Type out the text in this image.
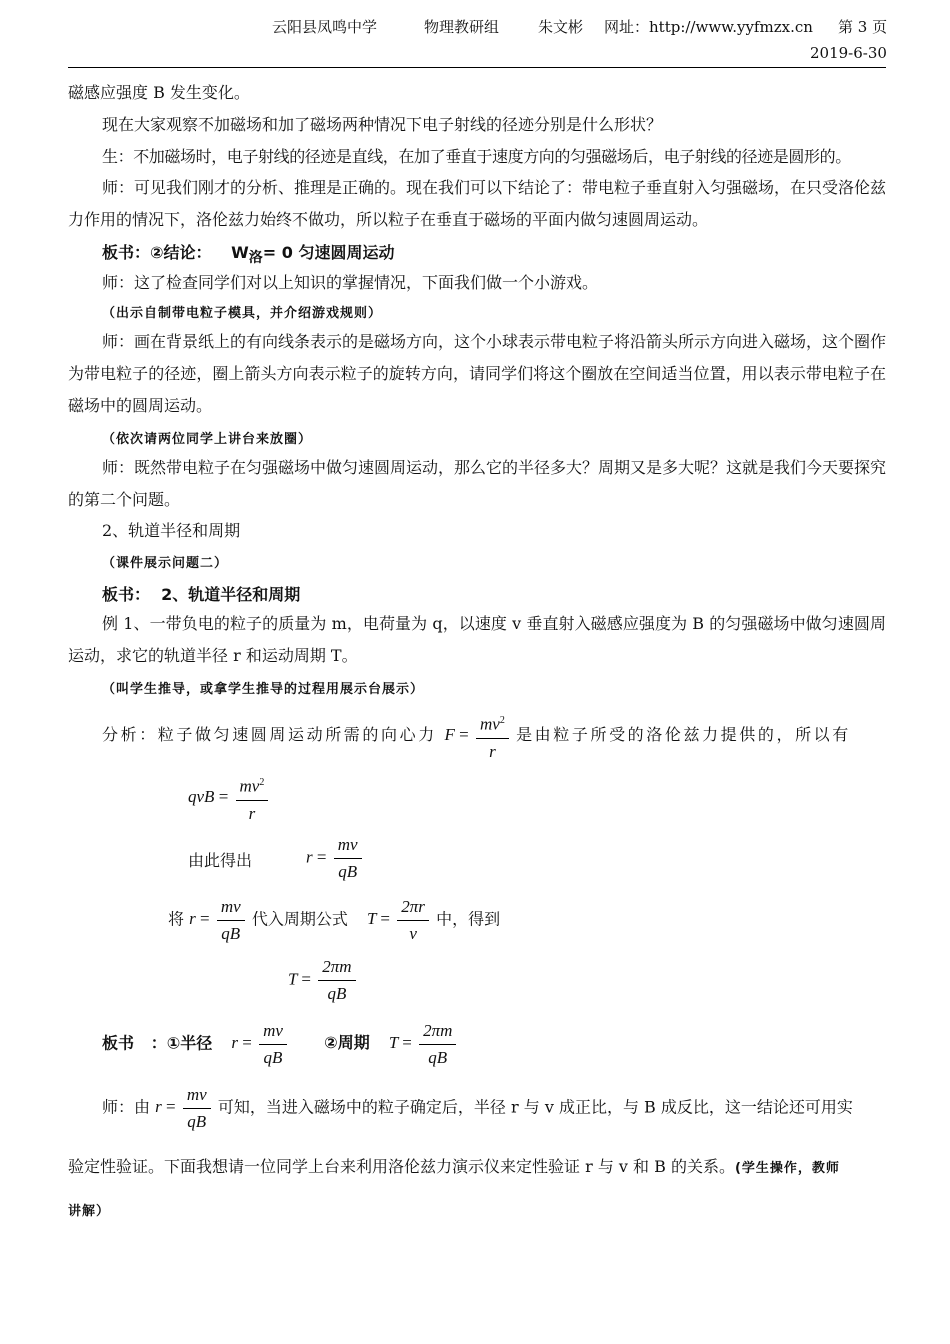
云阳县凤鸣中学	物理教研组	朱文彬 网址：http://www.yyfmzx.cn 第 3 页
2019-6-30
磁感应强度 B 发生变化。
现在大家观察不加磁场和加了磁场两种情况下电子射线的径迹分别是什么形状？
生：不加磁场时，电子射线的径迹是直线，在加了垂直于速度方向的匀强磁场后，电子射线的径迹是圆形的。
师：可见我们刚才的分析、推理是正确的。现在我们可以下结论了：带电粒子垂直射入匀强磁场，在只受洛伦兹力作用的情况下，洛伦兹力始终不做功，所以粒子在垂直于磁场的平面内做匀速圆周运动。
板书：②结论： $W_洛= 0$ 匀速圆周运动
师：这了检查同学们对以上知识的掌握情况，下面我们做一个小游戏。
（出示自制带电粒子模具，并介绍游戏规则）
师：画在背景纸上的有向线条表示的是磁场方向，这个小球表示带电粒子将沿箭头所示方向进入磁场，这个圈作为带电粒子的径迹，圈上箭头方向表示粒子的旋转方向，请同学们将这个圈放在空间适当位置，用以表示带电粒子在磁场中的圆周运动。
（依次请两位同学上讲台来放圈）
师：既然带电粒子在匀强磁场中做匀速圆周运动，那么它的半径多大？周期又是多大呢？这就是我们今天要探究的第二个问题。
2、轨道半径和周期
（课件展示问题二）
板书：  2、轨道半径和周期
例 1、一带负电的粒子的质量为 m，电荷量为 q，以速度 v 垂直射入磁感应强度为 B 的匀强磁场中做匀速圆周运动，求它的轨道半径 r 和运动周期 T。
（叫学生推导，或拿学生推导的过程用展示台展示）
分析：粒子做匀速圆周运动所需的向心力 $F = \frac{mv^2}{r}$ 是由粒子所受的洛伦兹力提供的，所以有
qvB = $\frac{mv^2}{r}$
由此得出	$r = \frac{mv}{qB}$
将 $r = \frac{mv}{qB}$ 代入周期公式 $T = \frac{2\pi r}{v}$ 中，得到
$T = \frac{2\pi m}{qB}$
板书   ：①半径 $r = \frac{mv}{qB}$ ②周期 $T = \frac{2\pi m}{qB}$
师：由 $r = \frac{mv}{qB}$ 可知，当进入磁场中的粒子确定后，半径 r 与 v 成正比，与 B 成反比，这一结论还可用实
验定性验证。下面我想请一位同学上台来利用洛伦兹力演示仪来定性验证 r 与 v 和 B 的关系。(学生操作，教师
讲解）
